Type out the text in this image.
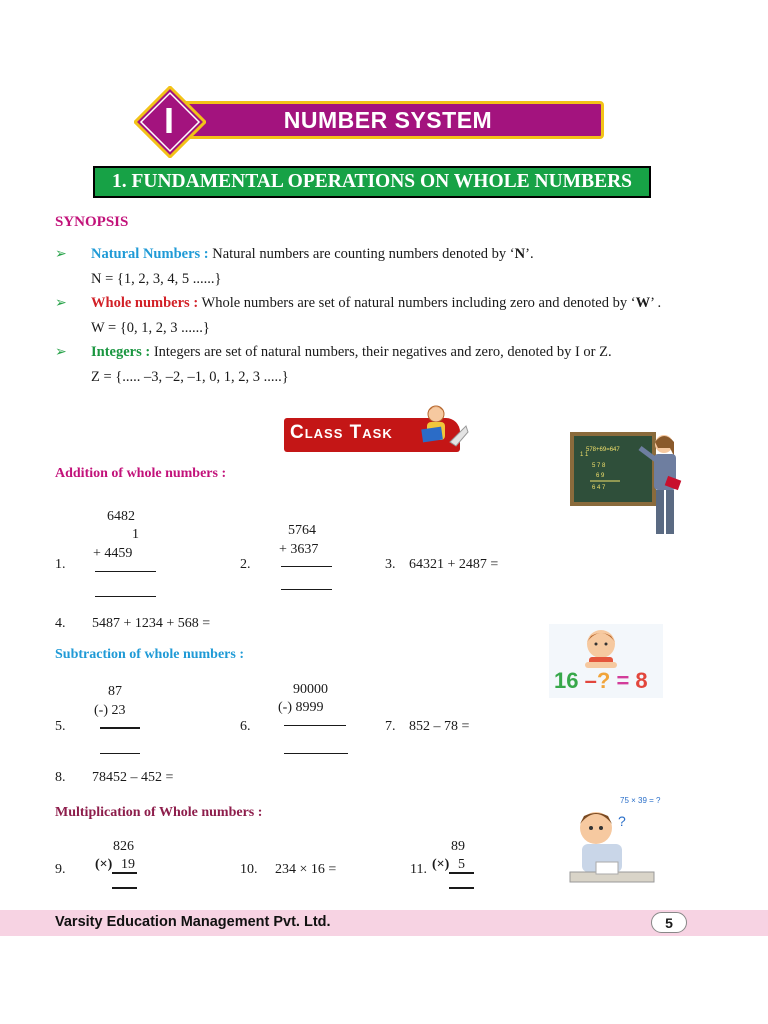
I	NUMBER SYSTEM
1. FUNDAMENTAL OPERATIONS ON WHOLE NUMBERS
SYNOPSIS
➢ Natural Numbers : Natural numbers are counting numbers denoted by ‘N’.
N = {1, 2, 3, 4, 5 ......}
➢ Whole numbers : Whole numbers are set of natural numbers including zero and denoted by ‘W’ .
W = {0, 1, 2, 3 ......}
➢ Integers : Integers are set of natural numbers, their negatives and zero, denoted by I or Z.
Z = {..... –3, –2, –1, 0, 1, 2, 3 .....}
Class Task
1 1
5 7 8
6 9
6 4 7
578+69=647
Addition of whole numbers :
6482
1
+ 4459
1.
5764
+ 3637
2.	3. 64321 + 2487 =
4. 5487 + 1234 + 568 =
16 –? = 8
Subtraction of whole numbers :
87
(-) 23
5.
90000
(-) 8999
6.	7. 852 – 78 =
8. 78452 – 452 =
Multiplication of Whole numbers :
826
(×) 19
9.	10. 234 × 16 =
89
11. (×) 5
?
75 × 39 = ?
Varsity Education Management Pvt. Ltd.	5
